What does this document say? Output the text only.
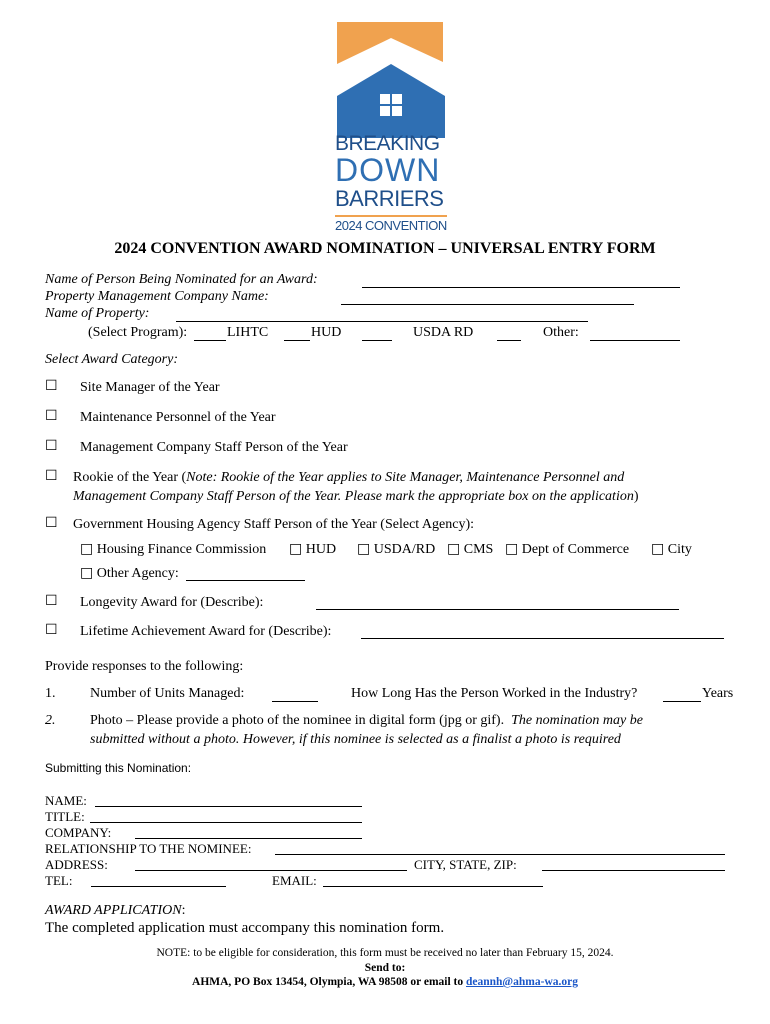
BREAKING
DOWN
BARRIERS
2024 CONVENTION
2024 CONVENTION AWARD NOMINATION – UNIVERSAL ENTRY FORM
Name of Person Being Nominated for an Award:
Property Management Company Name:
Name of Property:
(Select Program):	LIHTC	HUD	USDA RD	Other:
Select Award Category:
☐ Site Manager of the Year
☐ Maintenance Personnel of the Year
☐ Management Company Staff Person of the Year
☐ Rookie of the Year (Note: Rookie of the Year applies to Site Manager, Maintenance Personnel and
Management Company Staff Person of the Year. Please mark the appropriate box on the application)
☐ Government Housing Agency Staff Person of the Year (Select Agency):
□ Housing Finance Commission □ HUD □ USDA/RD □ CMS □ Dept of Commerce □ City
□ Other Agency:
☐ Longevity Award for (Describe):
☐ Lifetime Achievement Award for (Describe):
Provide responses to the following:
1. Number of Units Managed:	How Long Has the Person Worked in the Industry?	Years
2. Photo – Please provide a photo of the nominee in digital form (jpg or gif). The nomination may be
submitted without a photo. However, if this nominee is selected as a finalist a photo is required
Submitting this Nomination:
NAME:
TITLE:
COMPANY:
RELATIONSHIP TO THE NOMINEE:
ADDRESS:	CITY, STATE, ZIP:
TEL:	EMAIL:
AWARD APPLICATION:
The completed application must accompany this nomination form.
NOTE: to be eligible for consideration, this form must be received no later than February 15, 2024.
Send to:
AHMA, PO Box 13454, Olympia, WA 98508 or email to deannh@ahma-wa.org
